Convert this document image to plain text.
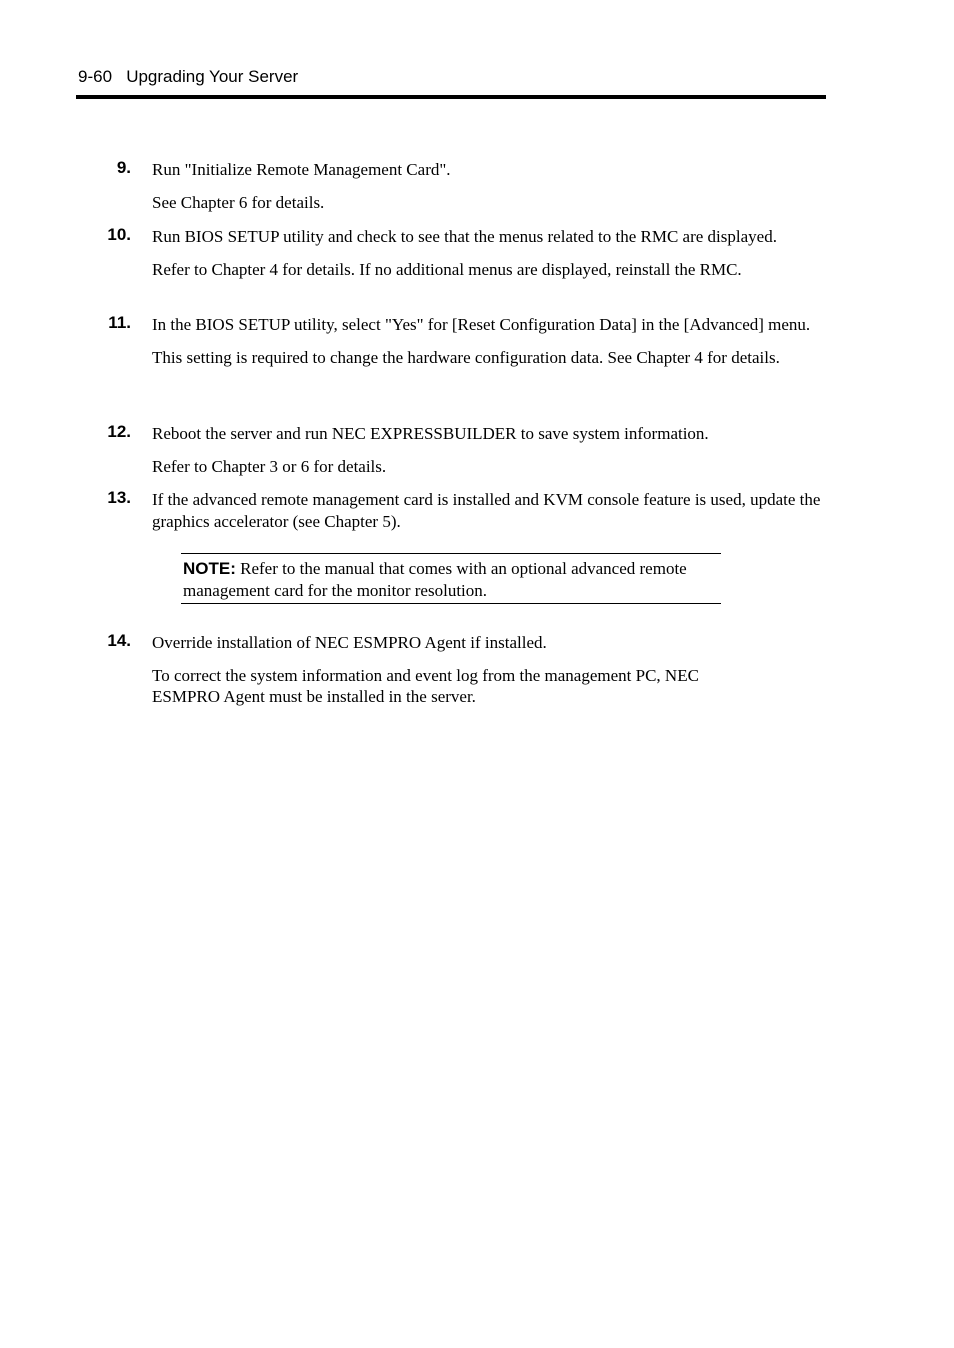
9-60 Upgrading Your Server
9. Run "Initialize Remote Management Card".

See Chapter 6 for details.

10. Run BIOS SETUP utility and check to see that the menus related to the RMC are displayed.

Refer to Chapter 4 for details. If no additional menus are displayed, reinstall the RMC.

11. In the BIOS SETUP utility, select "Yes" for [Reset Configuration Data] in the [Advanced] menu.

This setting is required to change the hardware configuration data. See Chapter 4 for details.

12. Reboot the server and run NEC EXPRESSBUILDER to save system information.

Refer to Chapter 3 or 6 for details.

13. If the advanced remote management card is installed and KVM console feature is used, update the graphics accelerator (see Chapter 5).

NOTE: Refer to the manual that comes with an optional advanced remote management card for the monitor resolution.

14. Override installation of NEC ESMPRO Agent if installed.

To correct the system information and event log from the management PC, NEC ESMPRO Agent must be installed in the server.
